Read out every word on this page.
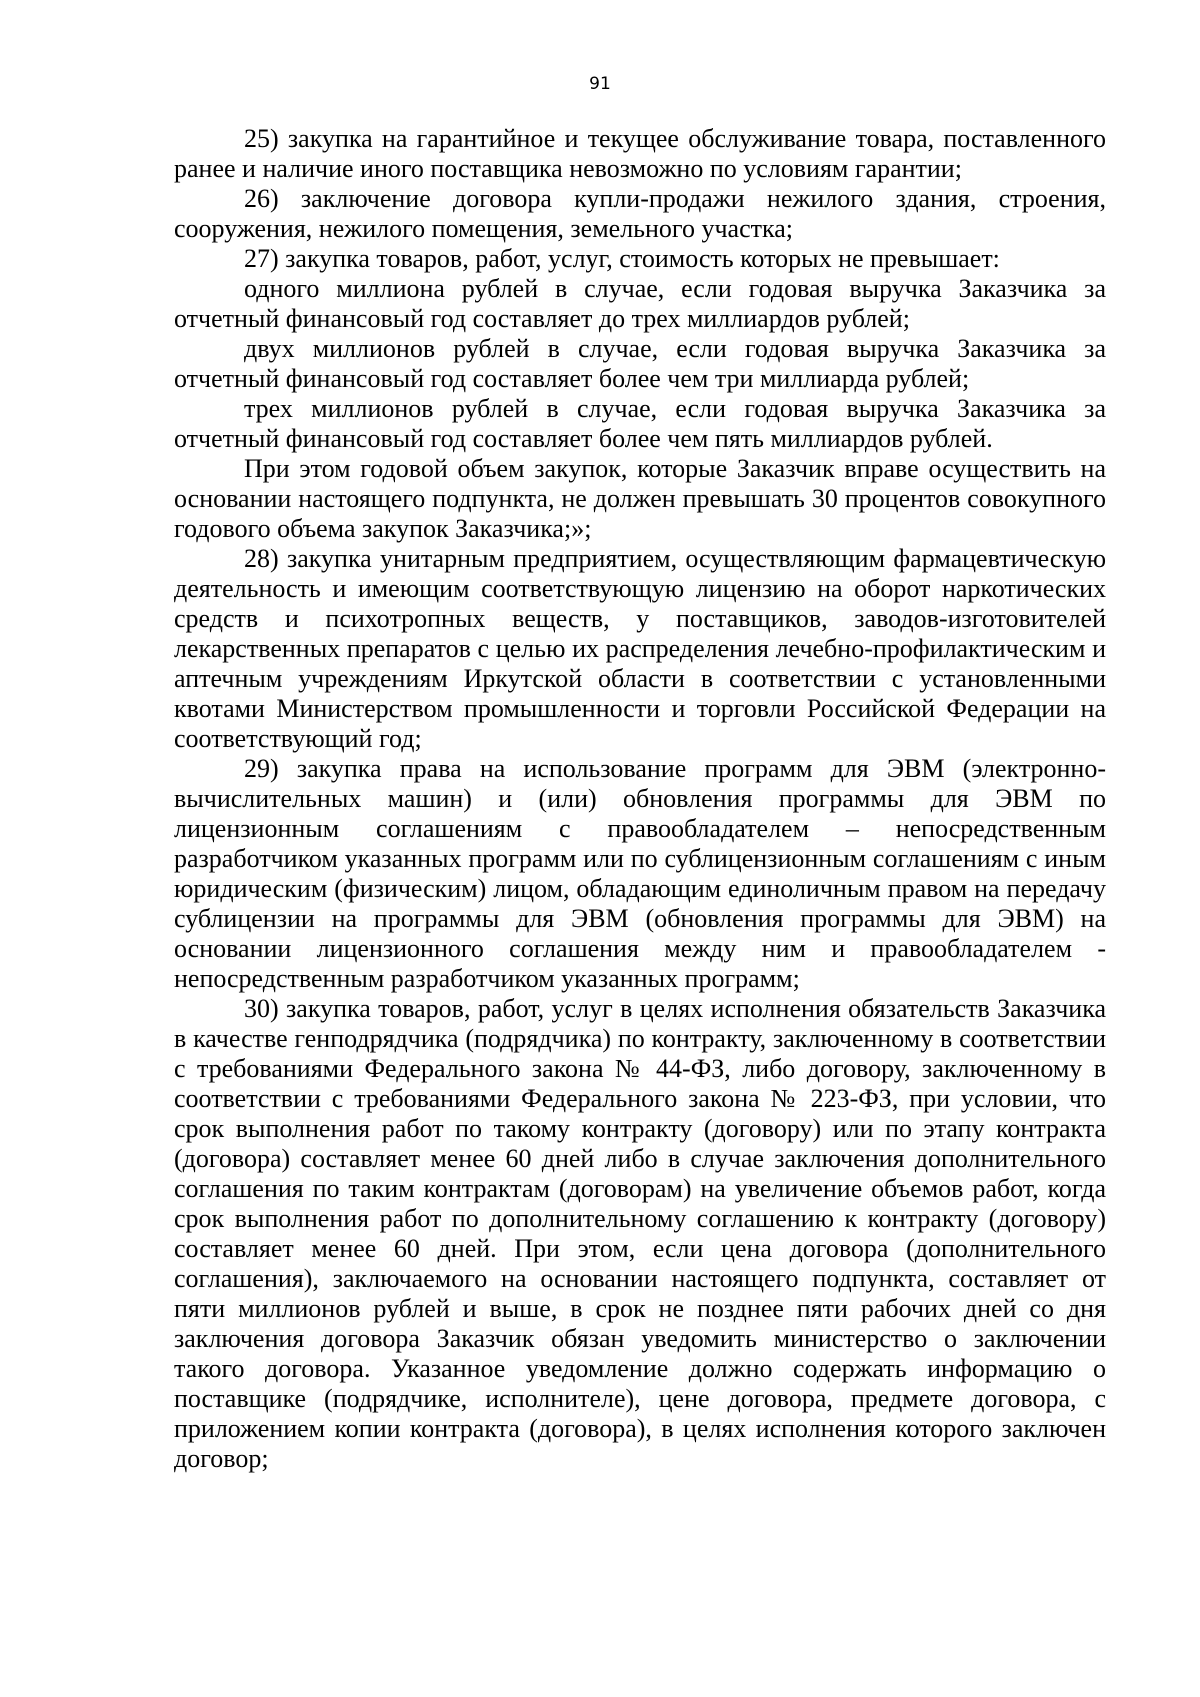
91

25) закупка на гарантийное и текущее обслуживание товара, поставленного ранее и наличие иного поставщика невозможно по условиям гарантии;

26) заключение договора купли-продажи нежилого здания, строения, сооружения, нежилого помещения, земельного участка;

27) закупка товаров, работ, услуг, стоимость которых не превышает:

одного миллиона рублей в случае, если годовая выручка Заказчика за отчетный финансовый год составляет до трех миллиардов рублей;

двух миллионов рублей в случае, если годовая выручка Заказчика за отчетный финансовый год составляет более чем три миллиарда рублей;

трех миллионов рублей в случае, если годовая выручка Заказчика за отчетный финансовый год составляет более чем пять миллиардов рублей.

При этом годовой объем закупок, которые Заказчик вправе осуществить на основании настоящего подпункта, не должен превышать 30 процентов совокупного годового объема закупок Заказчика;»;

28) закупка унитарным предприятием, осуществляющим фармацевтическую деятельность и имеющим соответствующую лицензию на оборот наркотических средств и психотропных веществ, у поставщиков, заводов-изготовителей лекарственных препаратов с целью их распределения лечебно-профилактическим и аптечным учреждениям Иркутской области в соответствии с установленными квотами Министерством промышленности и торговли Российской Федерации на соответствующий год;

29) закупка права на использование программ для ЭВМ (электронно-вычислительных машин) и (или) обновления программы для ЭВМ по лицензионным соглашениям с правообладателем – непосредственным разработчиком указанных программ или по сублицензионным соглашениям с иным юридическим (физическим) лицом, обладающим единоличным правом на передачу сублицензии на программы для ЭВМ (обновления программы для ЭВМ) на основании лицензионного соглашения между ним и правообладателем - непосредственным разработчиком указанных программ;

30) закупка товаров, работ, услуг в целях исполнения обязательств Заказчика в качестве генподрядчика (подрядчика) по контракту, заключенному в соответствии с требованиями Федерального закона № 44-ФЗ, либо договору, заключенному в соответствии с требованиями Федерального закона № 223-ФЗ, при условии, что срок выполнения работ по такому контракту (договору) или по этапу контракта (договора) составляет менее 60 дней либо в случае заключения дополнительного соглашения по таким контрактам (договорам) на увеличение объемов работ, когда срок выполнения работ по дополнительному соглашению к контракту (договору) составляет менее 60 дней. При этом, если цена договора (дополнительного соглашения), заключаемого на основании настоящего подпункта, составляет от пяти миллионов рублей и выше, в срок не позднее пяти рабочих дней со дня заключения договора Заказчик обязан уведомить министерство о заключении такого договора. Указанное уведомление должно содержать информацию о поставщике (подрядчике, исполнителе), цене договора, предмете договора, с приложением копии контракта (договора), в целях исполнения которого заключен договор;
